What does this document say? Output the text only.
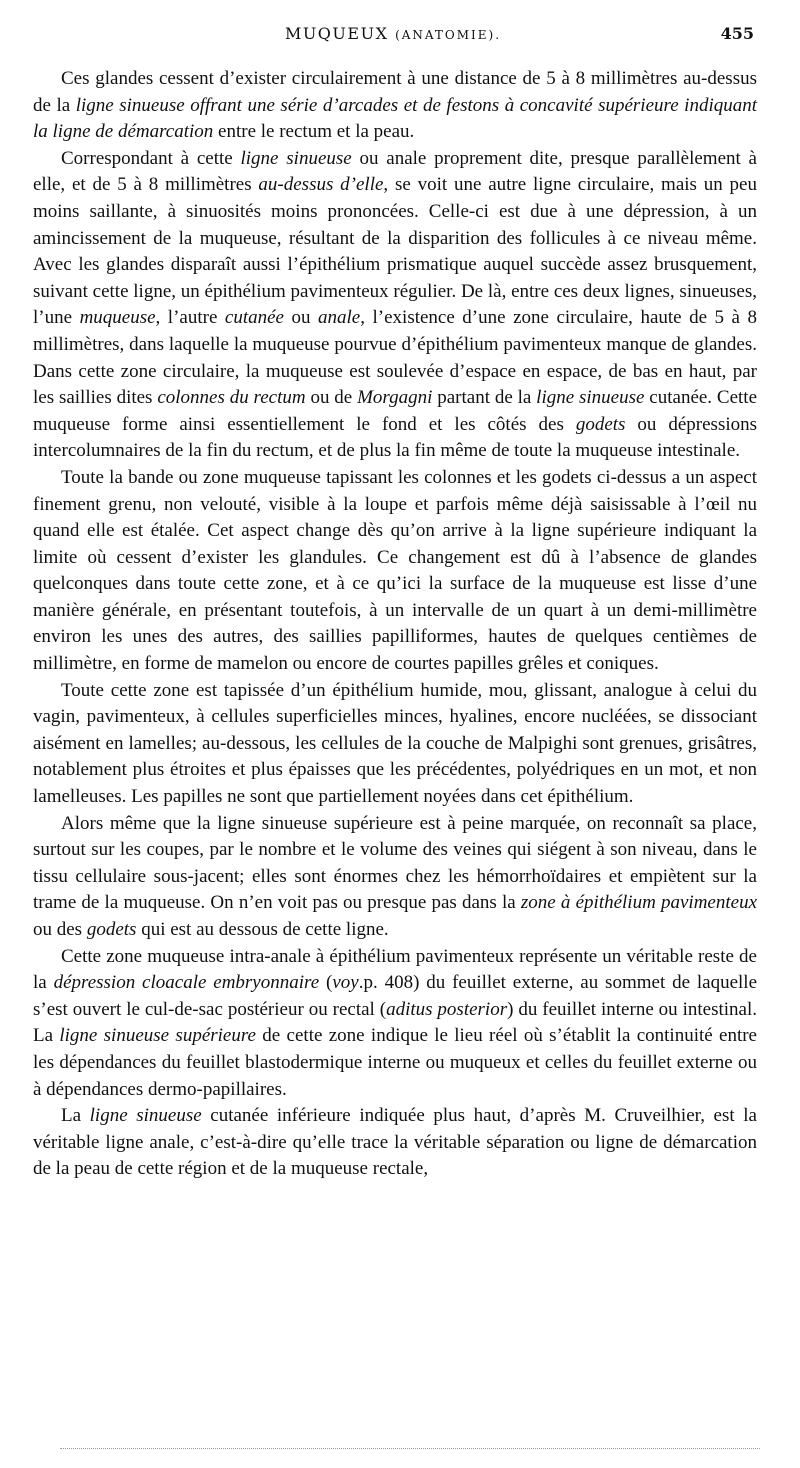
MUQUEUX (ANATOMIE).	455

Ces glandes cessent d’exister circulairement à une distance de 5 à 8 millimètres au-dessus de la ligne sinueuse offrant une série d’arcades et de festons à concavité supérieure indiquant la ligne de démarcation entre le rectum et la peau.

Correspondant à cette ligne sinueuse ou anale proprement dite, presque parallèlement à elle, et de 5 à 8 millimètres au-dessus d’elle, se voit une autre ligne circulaire, mais un peu moins saillante, à sinuosités moins prononcées. Celle-ci est due à une dépression, à un amincissement de la muqueuse, résultant de la disparition des follicules à ce niveau même. Avec les glandes disparaît aussi l’épithélium prismatique auquel succède assez brusquement, suivant cette ligne, un épithélium pavimenteux régulier. De là, entre ces deux lignes, sinueuses, l’une muqueuse, l’autre cutanée ou anale, l’existence d’une zone circulaire, haute de 5 à 8 millimètres, dans laquelle la muqueuse pourvue d’épithélium pavimenteux manque de glandes. Dans cette zone circulaire, la muqueuse est soulevée d’espace en espace, de bas en haut, par les saillies dites colonnes du rectum ou de Morgagni partant de la ligne sinueuse cutanée. Cette muqueuse forme ainsi essentiellement le fond et les côtés des godets ou dépressions intercolumnaires de la fin du rectum, et de plus la fin même de toute la muqueuse intestinale.

Toute la bande ou zone muqueuse tapissant les colonnes et les godets ci-dessus a un aspect finement grenu, non velouté, visible à la loupe et parfois même déjà saisissable à l’œil nu quand elle est étalée. Cet aspect change dès qu’on arrive à la ligne supérieure indiquant la limite où cessent d’exister les glandules. Ce changement est dû à l’absence de glandes quelconques dans toute cette zone, et à ce qu’ici la surface de la muqueuse est lisse d’une manière générale, en présentant toutefois, à un intervalle de un quart à un demi-millimètre environ les unes des autres, des saillies papilliformes, hautes de quelques centièmes de millimètre, en forme de mamelon ou encore de courtes papilles grêles et coniques.

Toute cette zone est tapissée d’un épithélium humide, mou, glissant, analogue à celui du vagin, pavimenteux, à cellules superficielles minces, hyalines, encore nucléées, se dissociant aisément en lamelles; au-dessous, les cellules de la couche de Malpighi sont grenues, grisâtres, notablement plus étroites et plus épaisses que les précédentes, polyédriques en un mot, et non lamelleuses. Les papilles ne sont que partiellement noyées dans cet épithélium.

Alors même que la ligne sinueuse supérieure est à peine marquée, on reconnaît sa place, surtout sur les coupes, par le nombre et le volume des veines qui siégent à son niveau, dans le tissu cellulaire sous-jacent; elles sont énormes chez les hémorrhoïdaires et empiètent sur la trame de la muqueuse. On n’en voit pas ou presque pas dans la zone à épithélium pavimenteux ou des godets qui est au dessous de cette ligne.

Cette zone muqueuse intra-anale à épithélium pavimenteux représente un véritable reste de la dépression cloacale embryonnaire (voy.p. 408) du feuillet externe, au sommet de laquelle s’est ouvert le cul-de-sac postérieur ou rectal (aditus posterior) du feuillet interne ou intestinal. La ligne sinueuse supérieure de cette zone indique le lieu réel où s’établit la continuité entre les dépendances du feuillet blastodermique interne ou muqueux et celles du feuillet externe ou à dépendances dermo-papillaires.

La ligne sinueuse cutanée inférieure indiquée plus haut, d’après M. Cruveilhier, est la véritable ligne anale, c’est-à-dire qu’elle trace la véritable séparation ou ligne de démarcation de la peau de cette région et de la muqueuse rectale,
